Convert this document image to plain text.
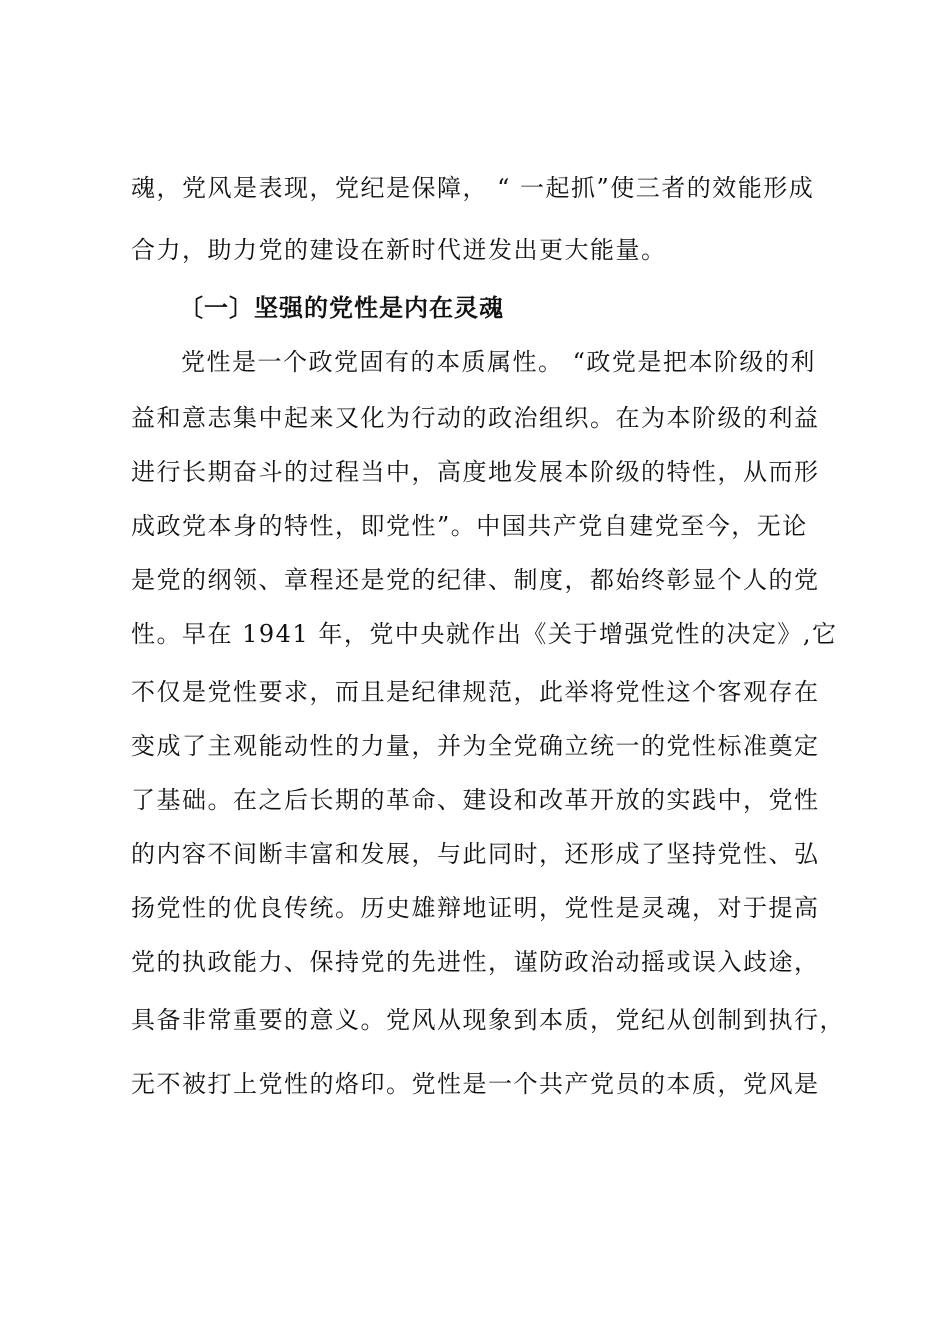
魂，党风是表现，党纪是保障， “ 一起抓”使三者的效能形成
合力，助力党的建设在新时代迸发出更大能量。
〔一〕坚强的党性是内在灵魂
党性是一个政党固有的本质属性。 “政党是把本阶级的利
益和意志集中起来又化为行动的政治组织。在为本阶级的利益
进行长期奋斗的过程当中，高度地发展本阶级的特性，从而形
成政党本身的特性，即党性”。中国共产党自建党至今，无论
是党的纲领、章程还是党的纪律、制度，都始终彰显个人的党
性。早在 1941 年，党中央就作出《关于增强党性的决定》,它
不仅是党性要求，而且是纪律规范，此举将党性这个客观存在
变成了主观能动性的力量，并为全党确立统一的党性标准奠定
了基础。在之后长期的革命、建设和改革开放的实践中，党性
的内容不间断丰富和发展，与此同时，还形成了坚持党性、弘
扬党性的优良传统。历史雄辩地证明，党性是灵魂，对于提高
党的执政能力、保持党的先进性，谨防政治动摇或误入歧途，
具备非常重要的意义。党风从现象到本质，党纪从创制到执行，
无不被打上党性的烙印。党性是一个共产党员的本质，党风是
